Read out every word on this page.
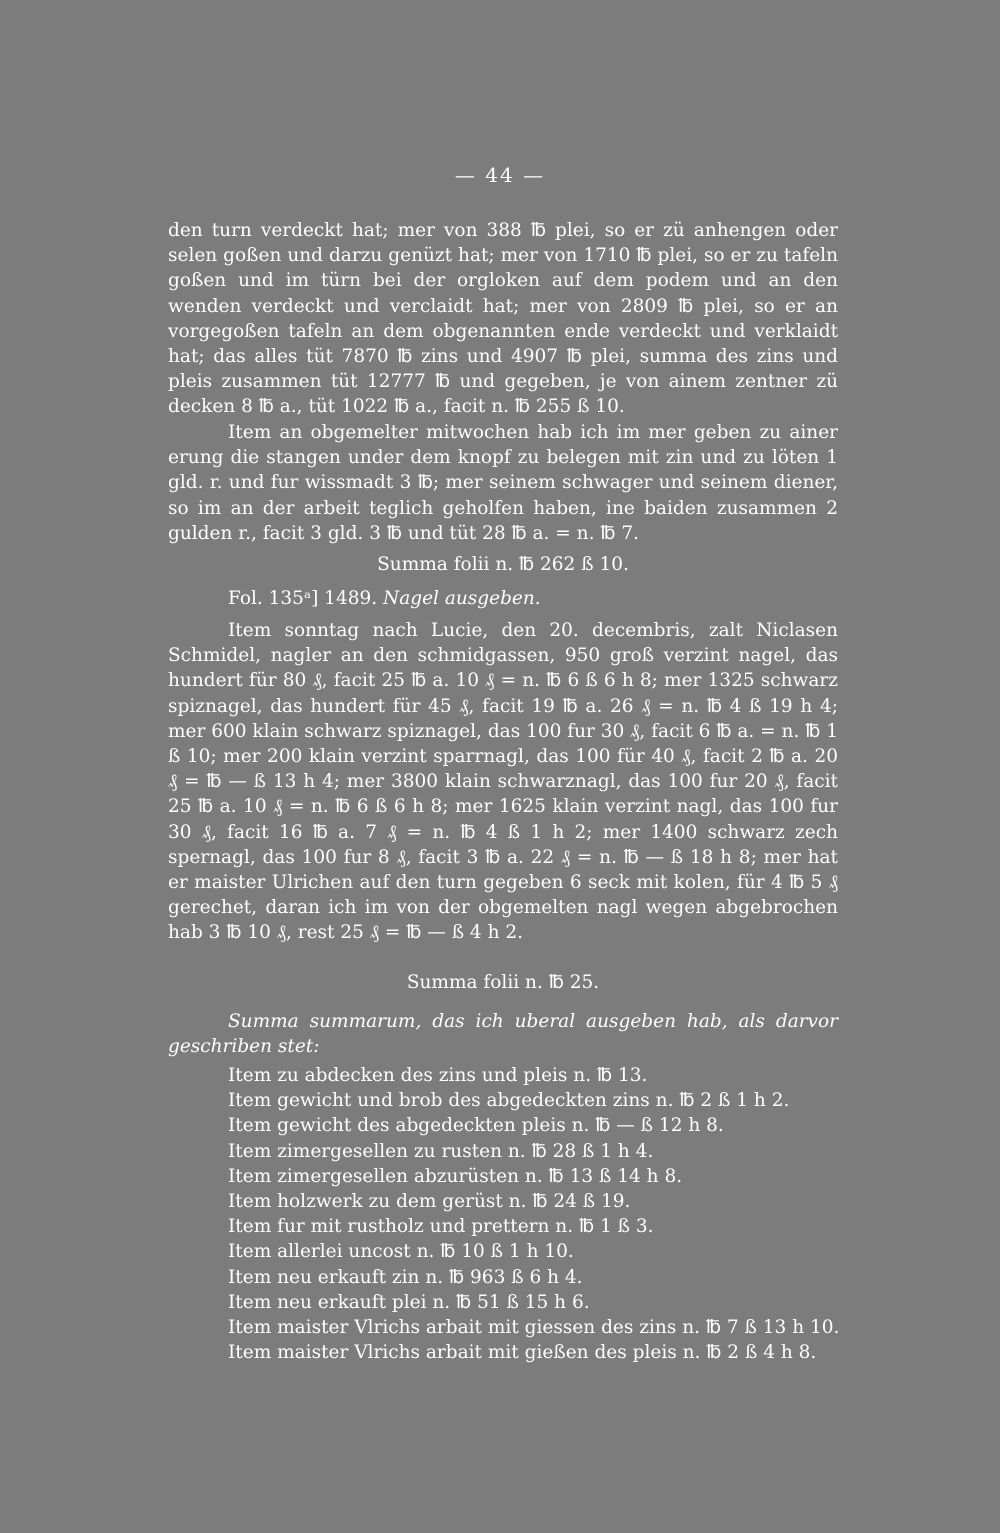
— 44 —

den turn verdeckt hat; mer von 388 ℔ plei, so er zü anhengen oder selen goßen und darzu genüzt hat; mer von 1710 ℔ plei, so er zu tafeln goßen und im türn bei der orgloken auf dem podem und an den wenden verdeckt und verclaidt hat; mer von 2809 ℔ plei, so er an vorgegoßen tafeln an dem obgenannten ende verdeckt und verklaidt hat; das alles tüt 7870 ℔ zins und 4907 ℔ plei, summa des zins und pleis zusammen tüt 12777 ℔ und gegeben, je von ainem zentner zü decken 8 ℔ a., tüt 1022 ℔ a., facit n. ℔ 255 ß 10.

Item an obgemelter mitwochen hab ich im mer geben zu ainer erung die stangen under dem knopf zu belegen mit zin und zu löten 1 gld. r. und fur wissmadt 3 ℔; mer seinem schwager und seinem diener, so im an der arbeit teglich geholfen haben, ine baiden zusammen 2 gulden r., facit 3 gld. 3 ℔ und tüt 28 ℔ a. = n. ℔ 7.

Summa folii n. ℔ 262 ß 10.

Fol. 135ᵃ] 1489. Nagel ausgeben.

Item sonntag nach Lucie, den 20. decembris, zalt Niclasen Schmidel, nagler an den schmidgassen, 950 groß verzint nagel, das hundert für 80 ₰, facit 25 ℔ a. 10 ₰ = n. ℔ 6 ß 6 h 8; mer 1325 schwarz spiznagel, das hundert für 45 ₰, facit 19 ℔ a. 26 ₰ = n. ℔ 4 ß 19 h 4; mer 600 klain schwarz spiznagel, das 100 fur 30 ₰, facit 6 ℔ a. = n. ℔ 1 ß 10; mer 200 klain verzint sparrnagl, das 100 für 40 ₰, facit 2 ℔ a. 20 ₰ = ℔ — ß 13 h 4; mer 3800 klain schwarznagl, das 100 fur 20 ₰, facit 25 ℔ a. 10 ₰ = n. ℔ 6 ß 6 h 8; mer 1625 klain verzint nagl, das 100 fur 30 ₰, facit 16 ℔ a. 7 ₰ = n. ℔ 4 ß 1 h 2; mer 1400 schwarz zech spernagl, das 100 fur 8 ₰, facit 3 ℔ a. 22 ₰ = n. ℔ — ß 18 h 8; mer hat er maister Ulrichen auf den turn gegeben 6 seck mit kolen, für 4 ℔ 5 ₰ gerechet, daran ich im von der obgemelten nagl wegen abgebrochen hab 3 ℔ 10 ₰, rest 25 ₰ = ℔ — ß 4 h 2.

Summa folii n. ℔ 25.

Summa summarum, das ich uberal ausgeben hab, als darvor geschriben stet:

Item zu abdecken des zins und pleis n. ℔ 13.
Item gewicht und brob des abgedeckten zins n. ℔ 2 ß 1 h 2.
Item gewicht des abgedeckten pleis n. ℔ — ß 12 h 8.
Item zimergesellen zu rusten n. ℔ 28 ß 1 h 4.
Item zimergesellen abzurüsten n. ℔ 13 ß 14 h 8.
Item holzwerk zu dem gerüst n. ℔ 24 ß 19.
Item fur mit rustholz und prettern n. ℔ 1 ß 3.
Item allerlei uncost n. ℔ 10 ß 1 h 10.
Item neu erkauft zin n. ℔ 963 ß 6 h 4.
Item neu erkauft plei n. ℔ 51 ß 15 h 6.
Item maister Vlrichs arbait mit giessen des zins n. ℔ 7 ß 13 h 10.
Item maister Vlrichs arbait mit gießen des pleis n. ℔ 2 ß 4 h 8.
